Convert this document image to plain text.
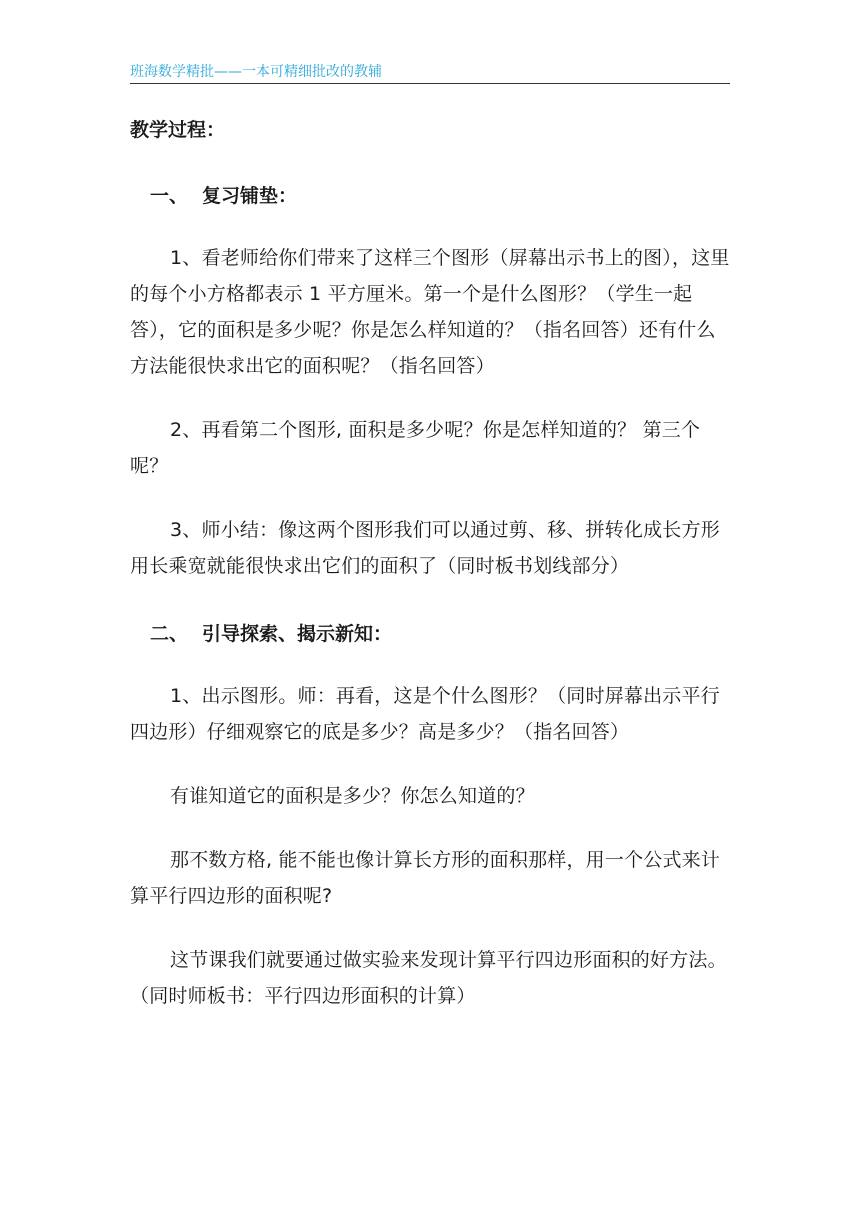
班海数学精批——一本可精细批改的教辅

教学过程：

一、 复习铺垫：

1、看老师给你们带来了这样三个图形（屏幕出示书上的图），这里的每个小方格都表示 1 平方厘米。第一个是什么图形？（学生一起答），它的面积是多少呢？你是怎么样知道的？（指名回答）还有什么方法能很快求出它的面积呢？（指名回答）

2、再看第二个图形, 面积是多少呢？你是怎样知道的？ 第三个呢？

3、师小结：像这两个图形我们可以通过剪、移、拼转化成长方形用长乘宽就能很快求出它们的面积了（同时板书划线部分）

二、 引导探索、揭示新知：

1、出示图形。师：再看，这是个什么图形？（同时屏幕出示平行四边形）仔细观察它的底是多少？高是多少？（指名回答）

有谁知道它的面积是多少？你怎么知道的？

那不数方格, 能不能也像计算长方形的面积那样，用一个公式来计算平行四边形的面积呢?

这节课我们就要通过做实验来发现计算平行四边形面积的好方法。（同时师板书：平行四边形面积的计算）
